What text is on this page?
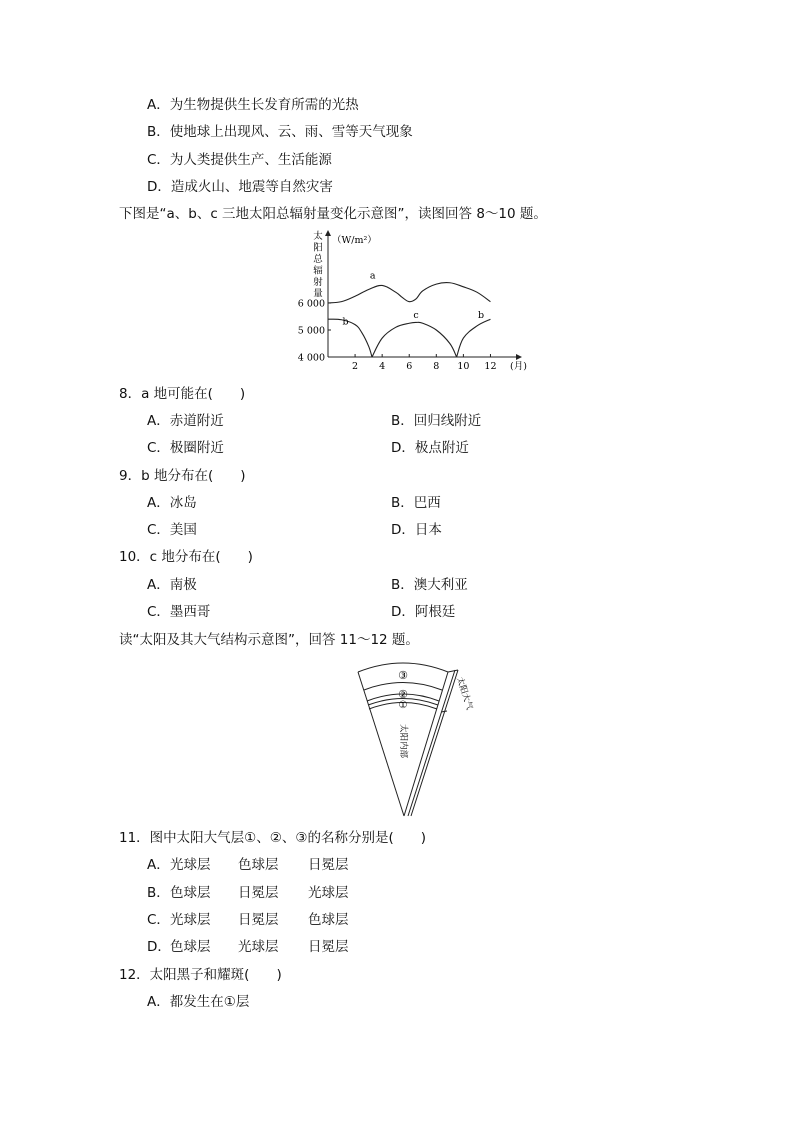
A．为生物提供生长发育所需的光热
B．使地球上出现风、云、雨、雪等天气现象
C．为人类提供生产、生活能源
D．造成火山、地震等自然灾害
下图是“a、b、c 三地太阳总辐射量变化示意图”，读图回答 8～10 题。
4 000
5 000
6 000
2 4 6 8 10 12 (月)
太
阳
总
辐
射
量
（W/m²）
a
b
c	b
8．a 地可能在(　　)
A．赤道附近	B．回归线附近
C．极圈附近	D．极点附近
9．b 地分布在(　　)
A．冰岛	B．巴西
C．美国	D．日本
10．c 地分布在(　　)
A．南极	B．澳大利亚
C．墨西哥	D．阿根廷
读“太阳及其大气结构示意图”，回答 11～12 题。
③
②
①	太阳大气
太阳内部
11．图中太阳大气层①、②、③的名称分别是(　　)
A．光球层 色球层 日冕层
B．色球层 日冕层 光球层
C．光球层 日冕层 色球层
D．色球层 光球层 日冕层
12．太阳黑子和耀斑(　　)
A．都发生在①层
